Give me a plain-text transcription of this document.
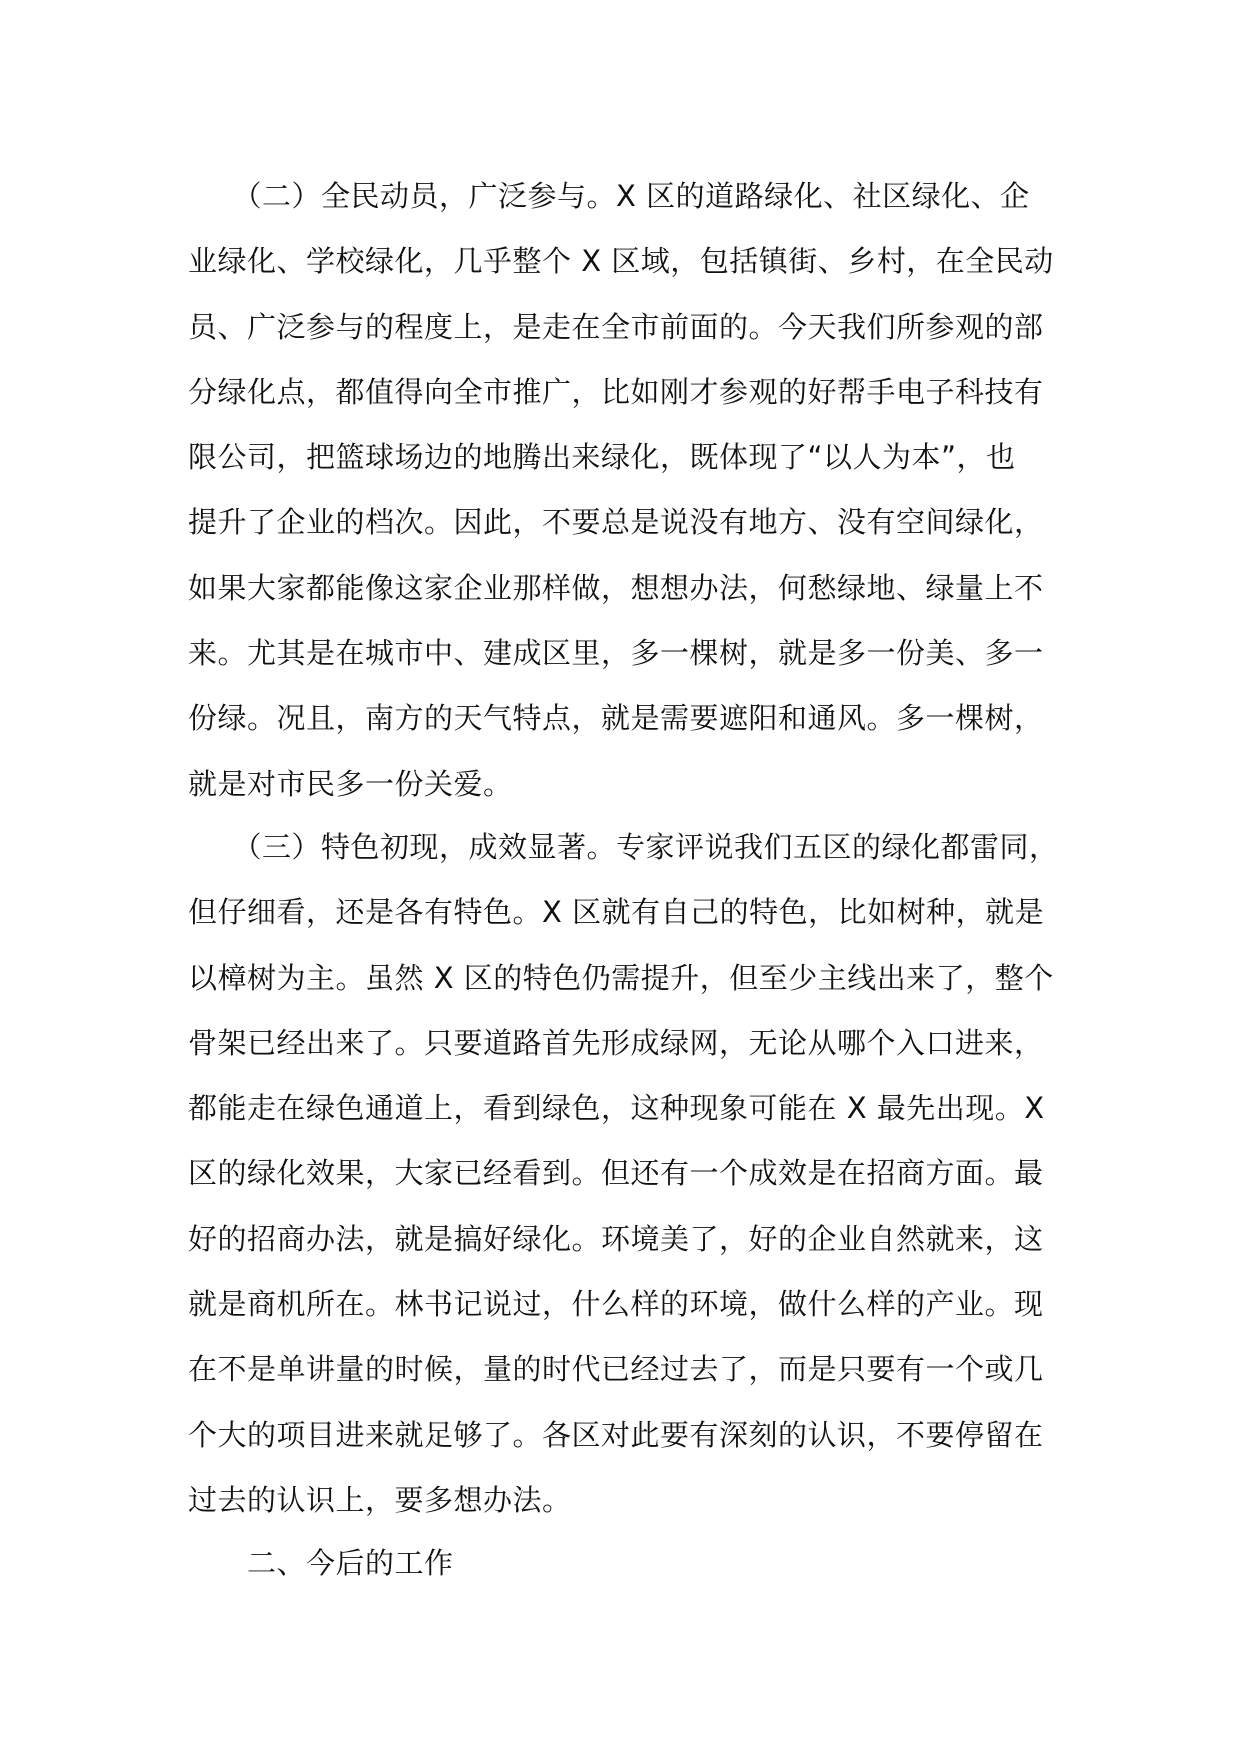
　　（二）全民动员，广泛参与。X 区的道路绿化、社区绿化、企
业绿化、学校绿化，几乎整个 X 区域，包括镇街、乡村，在全民动
员、广泛参与的程度上，是走在全市前面的。今天我们所参观的部
分绿化点，都值得向全市推广，比如刚才参观的好帮手电子科技有
限公司，把篮球场边的地腾出来绿化，既体现了“以人为本”，也
提升了企业的档次。因此，不要总是说没有地方、没有空间绿化，
如果大家都能像这家企业那样做，想想办法，何愁绿地、绿量上不
来。尤其是在城市中、建成区里，多一棵树，就是多一份美、多一
份绿。况且，南方的天气特点，就是需要遮阳和通风。多一棵树，
就是对市民多一份关爱。
　　（三）特色初现，成效显著。专家评说我们五区的绿化都雷同，
但仔细看，还是各有特色。X 区就有自己的特色，比如树种，就是
以樟树为主。虽然 X 区的特色仍需提升，但至少主线出来了，整个
骨架已经出来了。只要道路首先形成绿网，无论从哪个入口进来，
都能走在绿色通道上，看到绿色，这种现象可能在 X 最先出现。X
区的绿化效果，大家已经看到。但还有一个成效是在招商方面。最
好的招商办法，就是搞好绿化。环境美了，好的企业自然就来，这
就是商机所在。林书记说过，什么样的环境，做什么样的产业。现
在不是单讲量的时候，量的时代已经过去了，而是只要有一个或几
个大的项目进来就足够了。各区对此要有深刻的认识，不要停留在
过去的认识上，要多想办法。
　　二、今后的工作
